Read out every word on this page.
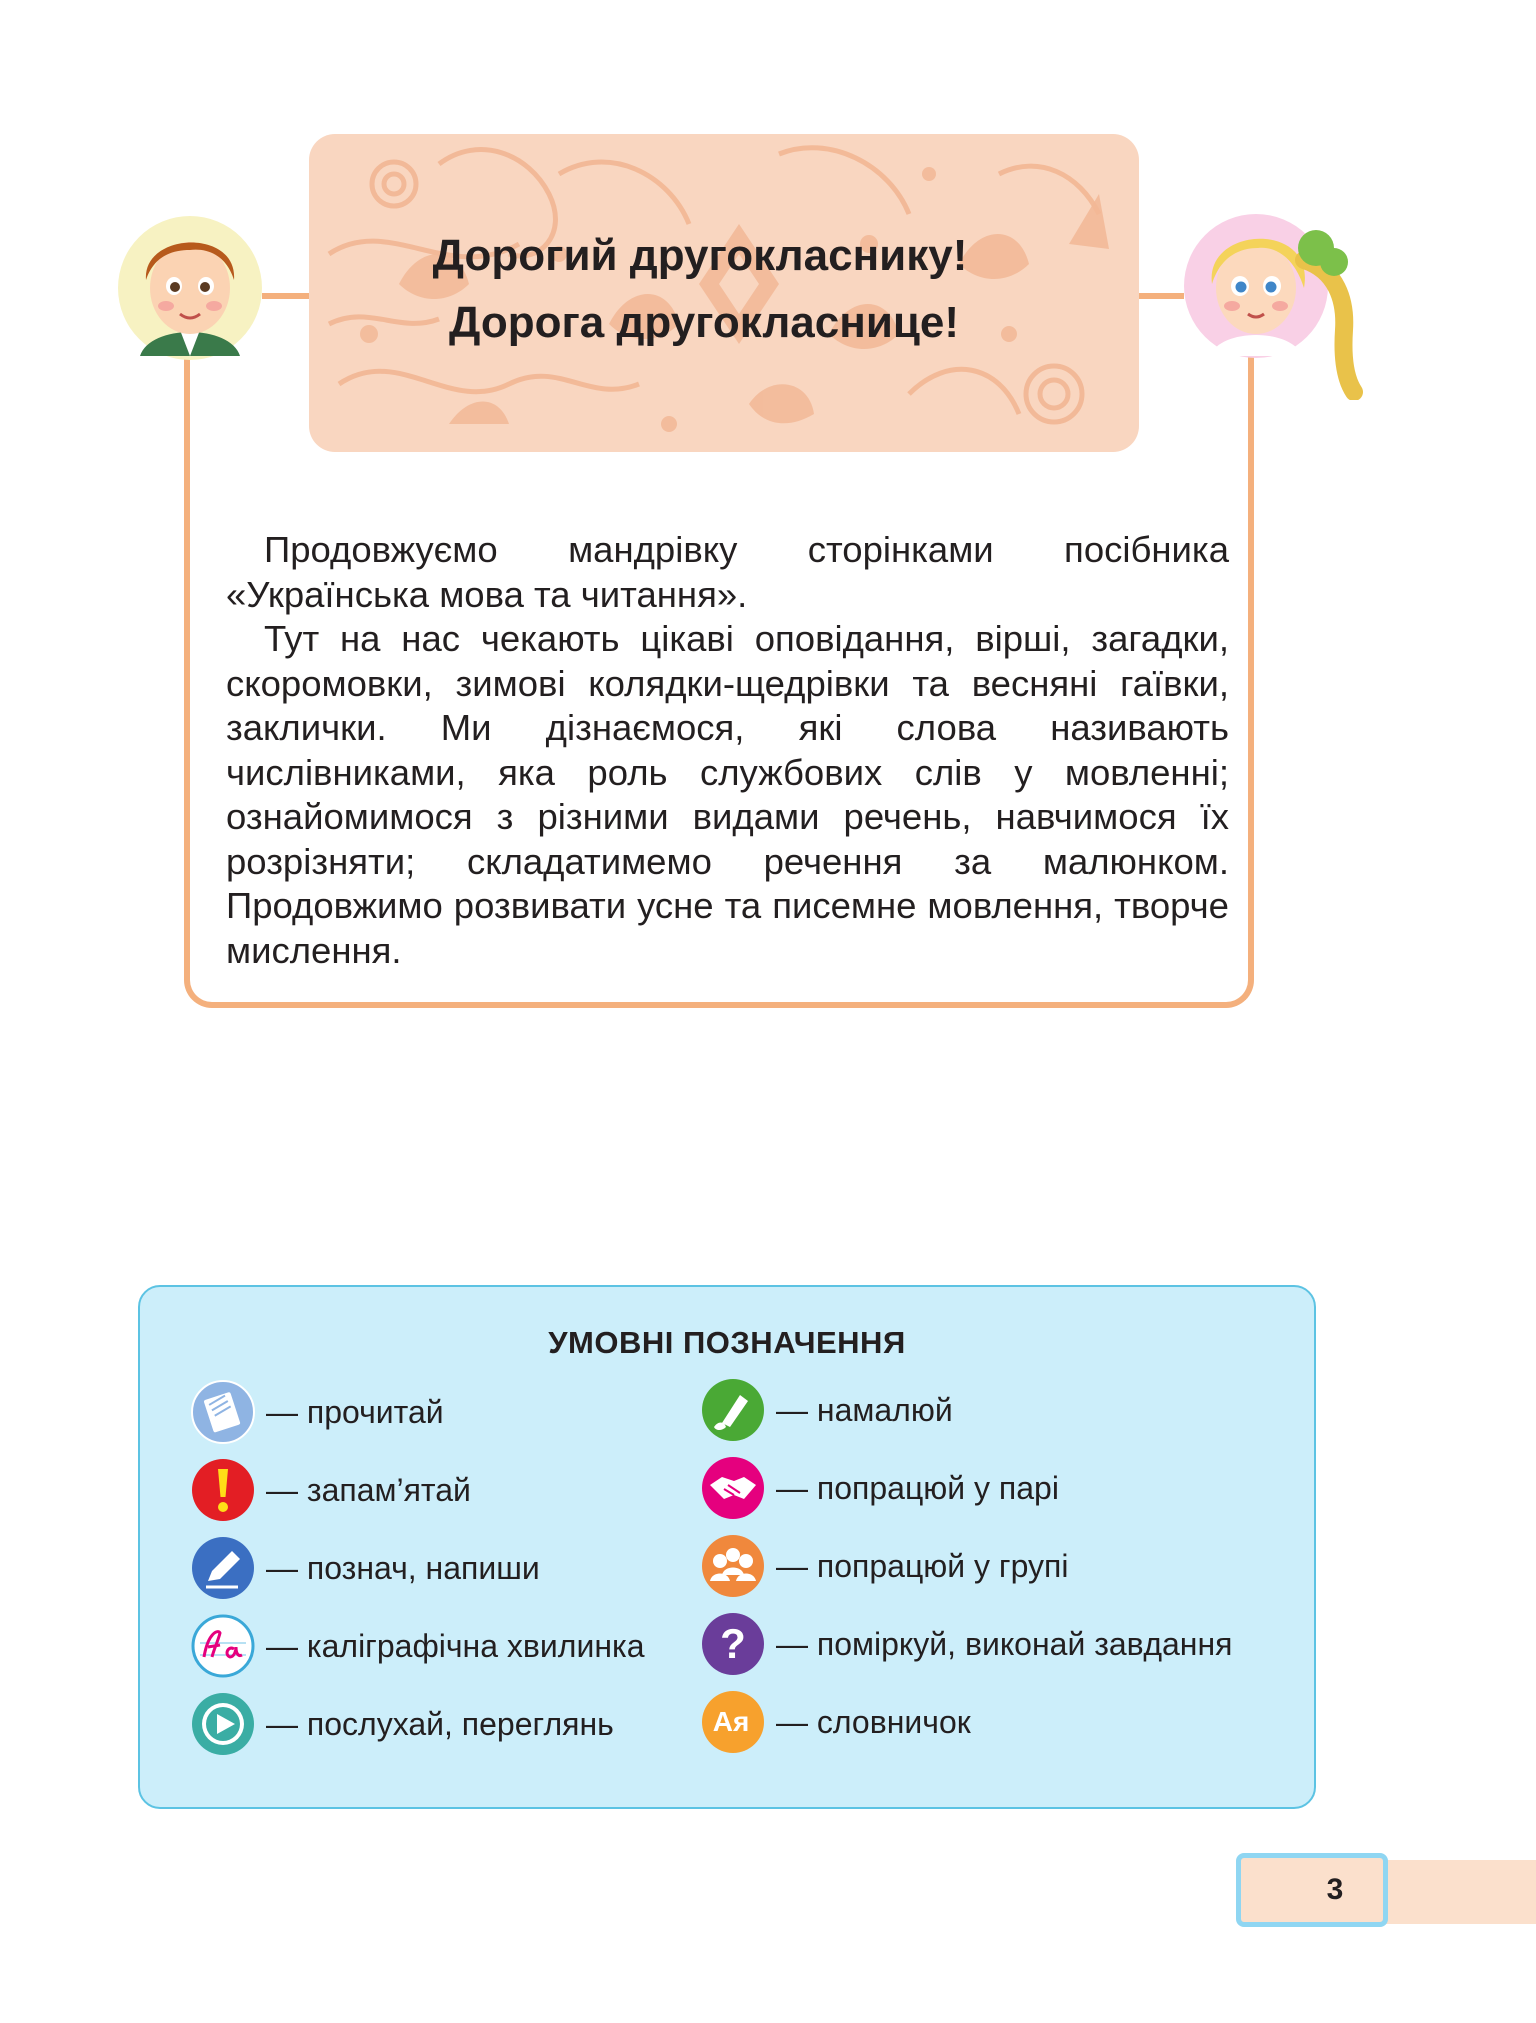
Дорогий другокласнику!
Дорога другокласнице!

Продовжуємо мандрівку сторінками посібника «Українська мова та читання».

Тут на нас чекають цікаві оповідання, вірші, загадки, скоромовки, зимові колядки-щедрівки та весняні гаївки, заклички. Ми дізнаємося, які слова називають числівниками, яка роль службових слів у мовленні; ознайомимося з різними видами речень, навчимося їх розрізняти; складатимемо речення за малюнком. Продовжимо розвивати усне та писемне мовлення, творче мислення.

УМОВНІ ПОЗНАЧЕННЯ
— прочитай
— запам’ятай
— познач, напиши
— каліграфічна хвилинка
— послухай, переглянь
— намалюй
— попрацюй у парі
— попрацюй у групі
? — поміркуй, виконай завдання
Ая — словничок
3
